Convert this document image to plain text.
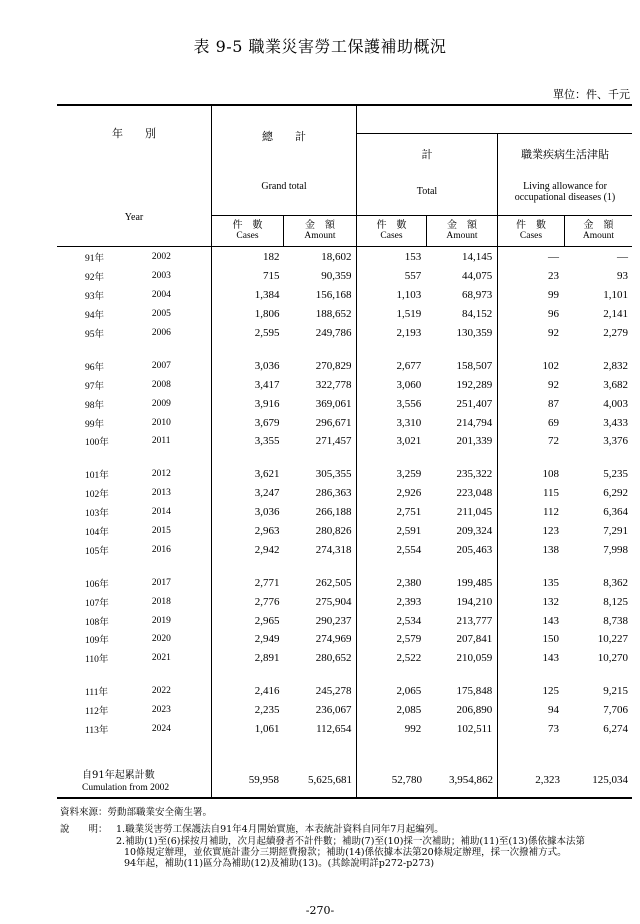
表 9-5 職業災害勞工保護補助概況
單位：件、千元
年　　別
Year
總　　計
Grand total
計
Total
職業疾病生活津貼
Living allowance for
occupational diseases (1)
件　數
Cases
金　額
Amount
件　數
Cases
金　額
Amount
件　數
Cases
金　額
Amount
91年	2002	182	18,602	153	14,145	—	—
92年	2003	715	90,359	557	44,075	23	93
93年	2004	1,384	156,168	1,103	68,973	99	1,101
94年	2005	1,806	188,652	1,519	84,152	96	2,141
95年	2006	2,595	249,786	2,193	130,359	92	2,279

96年	2007	3,036	270,829	2,677	158,507	102	2,832
97年	2008	3,417	322,778	3,060	192,289	92	3,682
98年	2009	3,916	369,061	3,556	251,407	87	4,003
99年	2010	3,679	296,671	3,310	214,794	69	3,433
100年	2011	3,355	271,457	3,021	201,339	72	3,376

101年	2012	3,621	305,355	3,259	235,322	108	5,235
102年	2013	3,247	286,363	2,926	223,048	115	6,292
103年	2014	3,036	266,188	2,751	211,045	112	6,364
104年	2015	2,963	280,826	2,591	209,324	123	7,291
105年	2016	2,942	274,318	2,554	205,463	138	7,998

106年	2017	2,771	262,505	2,380	199,485	135	8,362
107年	2018	2,776	275,904	2,393	194,210	132	8,125
108年	2019	2,965	290,237	2,534	213,777	143	8,738
109年	2020	2,949	274,969	2,579	207,841	150	10,227
110年	2021	2,891	280,652	2,522	210,059	143	10,270

111年	2022	2,416	245,278	2,065	175,848	125	9,215
112年	2023	2,235	236,067	2,085	206,890	94	7,706
113年	2024	1,061	112,654	992	102,511	73	6,274
自91年起累計數
Cumulation from 2002
59,958	5,625,681	52,780	3,954,862	2,323	125,034
資料來源：勞動部職業安全衛生署。
說　　明： 1.職業災害勞工保護法自91年4月開始實施，本表統計資料自同年7月起編列。
2.補助(1)至(6)採按月補助，次月起續發者不計件數；補助(7)至(10)採一次補助；補助(11)至(13)係依據本法第
10條規定辦理，並依實施計畫分三期經費撥款；補助(14)係依據本法第20條規定辦理，採一次撥補方式。
94年起，補助(11)區分為補助(12)及補助(13)。(其餘說明詳p272-p273)
-270-
